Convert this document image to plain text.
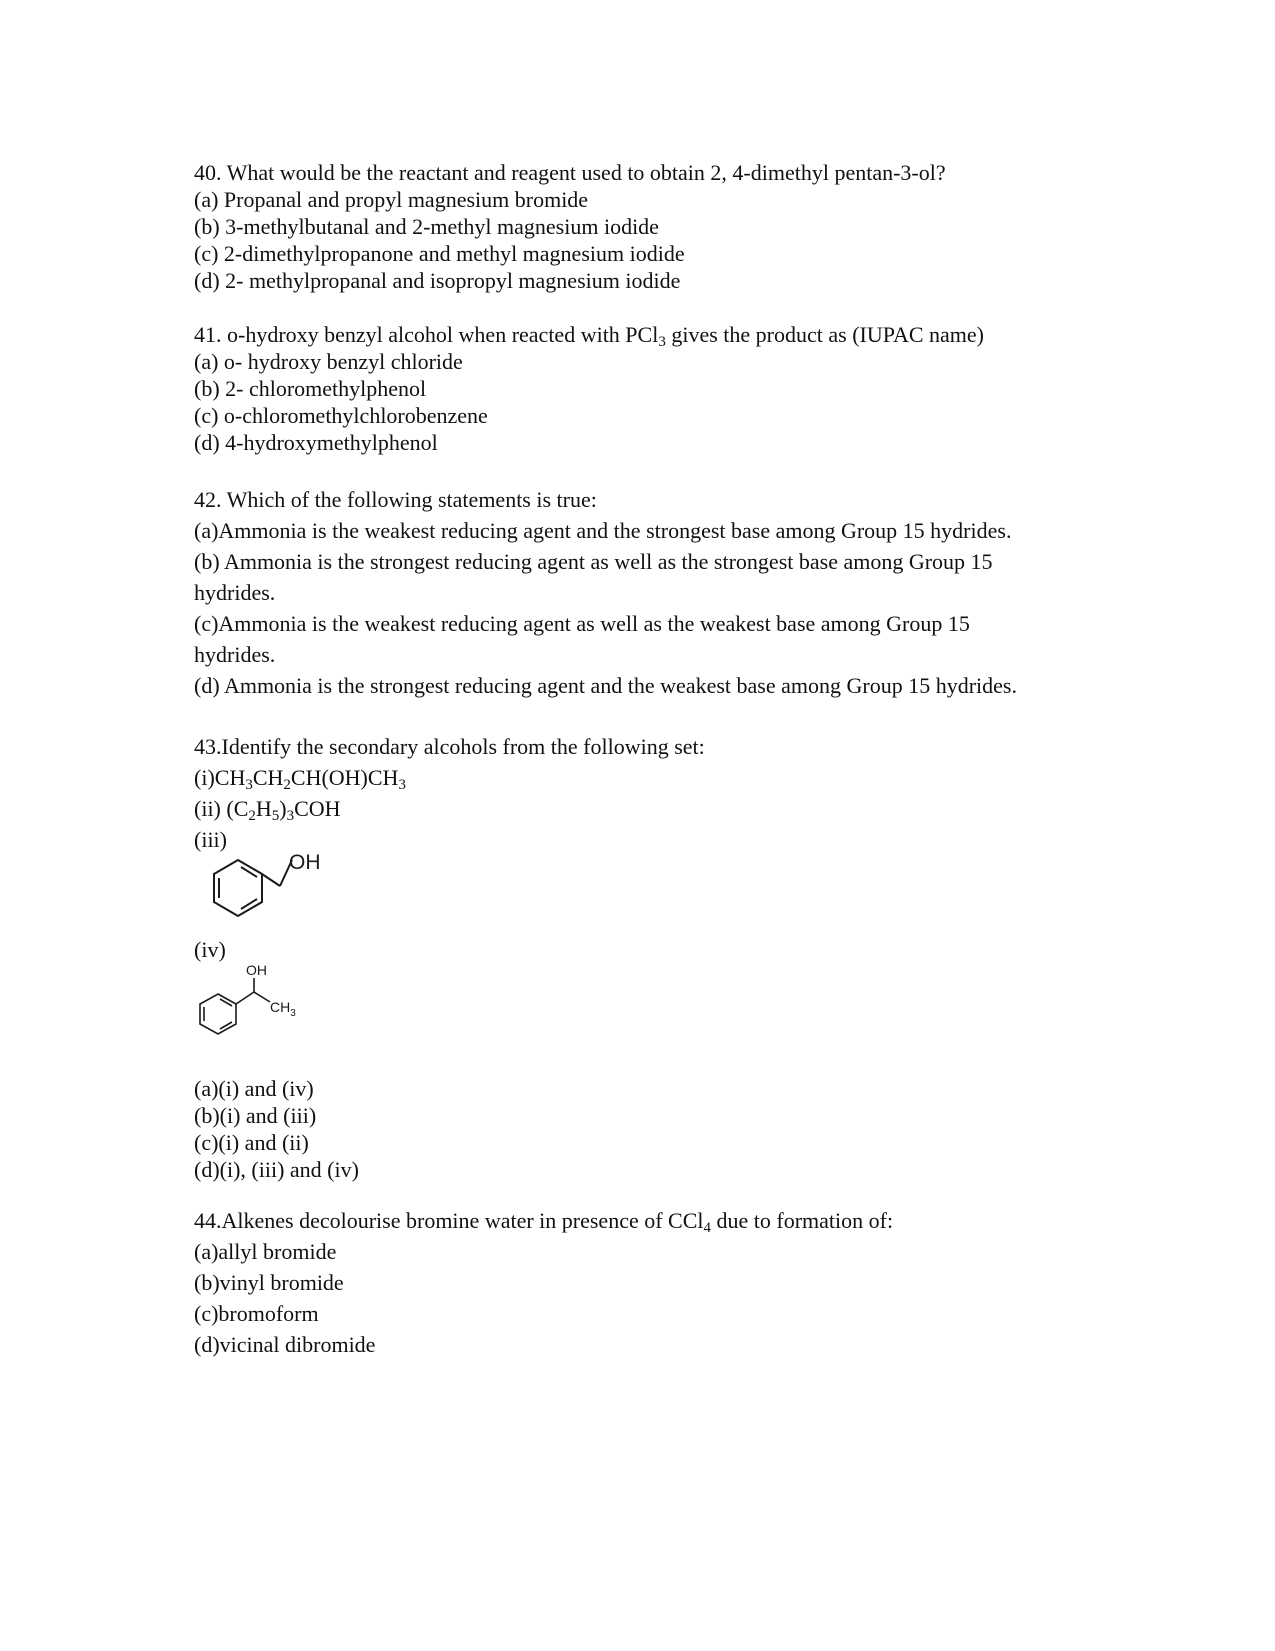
40. What would be the reactant and reagent used to obtain 2, 4-dimethyl pentan-3-ol?
(a) Propanal and propyl magnesium bromide
(b) 3-methylbutanal and 2-methyl magnesium iodide
(c) 2-dimethylpropanone and methyl magnesium iodide
(d) 2- methylpropanal and isopropyl magnesium iodide
41. o-hydroxy benzyl alcohol when reacted with PCl$_3$ gives the product as (IUPAC name)
(a) o- hydroxy benzyl chloride
(b) 2- chloromethylphenol
(c) o-chloromethylchlorobenzene
(d) 4-hydroxymethylphenol
42. Which of the following statements is true:
(a)Ammonia is the weakest reducing agent and the strongest base among Group 15 hydrides.
(b) Ammonia is the strongest reducing agent as well as the strongest base among Group 15 hydrides.
(c)Ammonia is the weakest reducing agent as well as the weakest base among Group 15 hydrides.
(d) Ammonia is the strongest reducing agent and the weakest base among Group 15 hydrides.
43.Identify the secondary alcohols from the following set:
$(i)CH_3CH_2CH(OH)CH_3$
(ii) $(C_2H_5)_3COH$
(iii)
OH
(iv)
OH
$CH_3$
(a)(i) and (iv)
(b)(i) and (iii)
(c)(i) and (ii)
(d)(i), (iii) and (iv)
44.Alkenes decolourise bromine water in presence of CCl$_4$ due to formation of:
(a)allyl bromide
(b)vinyl bromide
(c)bromoform
(d)vicinal dibromide
